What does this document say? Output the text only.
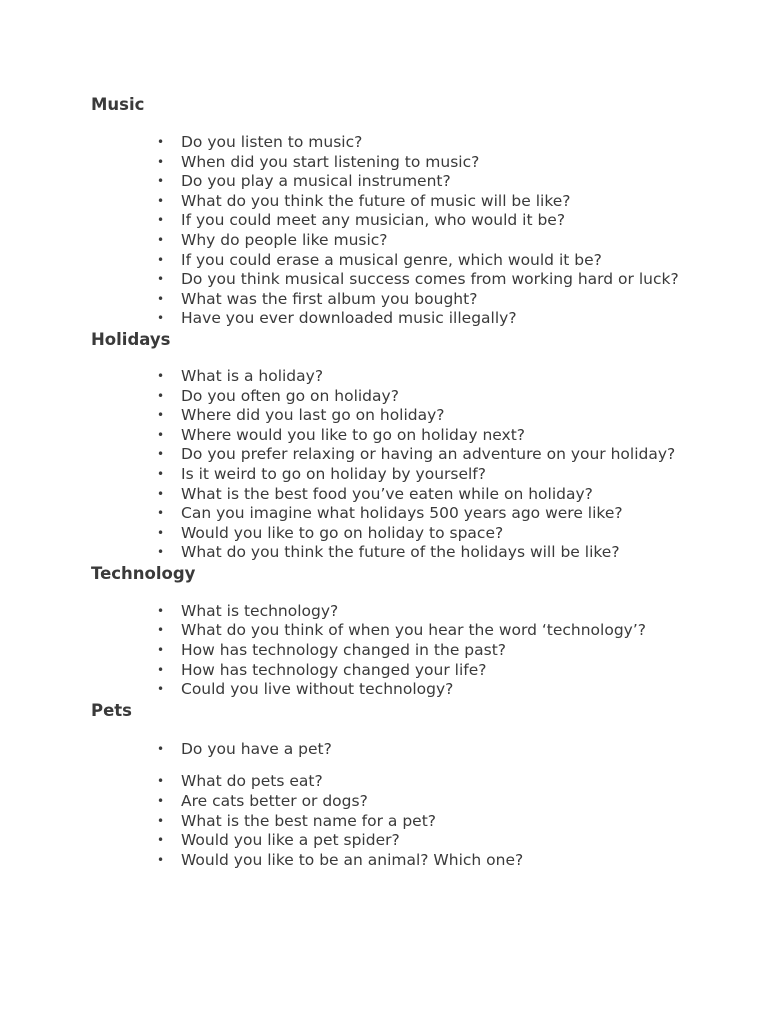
Music
• Do you listen to music?
• When did you start listening to music?
• Do you play a musical instrument?
• What do you think the future of music will be like?
• If you could meet any musician, who would it be?
• Why do people like music?
• If you could erase a musical genre, which would it be?
• Do you think musical success comes from working hard or luck?
• What was the first album you bought?
• Have you ever downloaded music illegally?
Holidays
• What is a holiday?
• Do you often go on holiday?
• Where did you last go on holiday?
• Where would you like to go on holiday next?
• Do you prefer relaxing or having an adventure on your holiday?
• Is it weird to go on holiday by yourself?
• What is the best food you’ve eaten while on holiday?
• Can you imagine what holidays 500 years ago were like?
• Would you like to go on holiday to space?
• What do you think the future of the holidays will be like?
Technology
• What is technology?
• What do you think of when you hear the word ‘technology’?
• How has technology changed in the past?
• How has technology changed your life?
• Could you live without technology?
Pets
• Do you have a pet?
• What do pets eat?
• Are cats better or dogs?
• What is the best name for a pet?
• Would you like a pet spider?
• Would you like to be an animal? Which one?
